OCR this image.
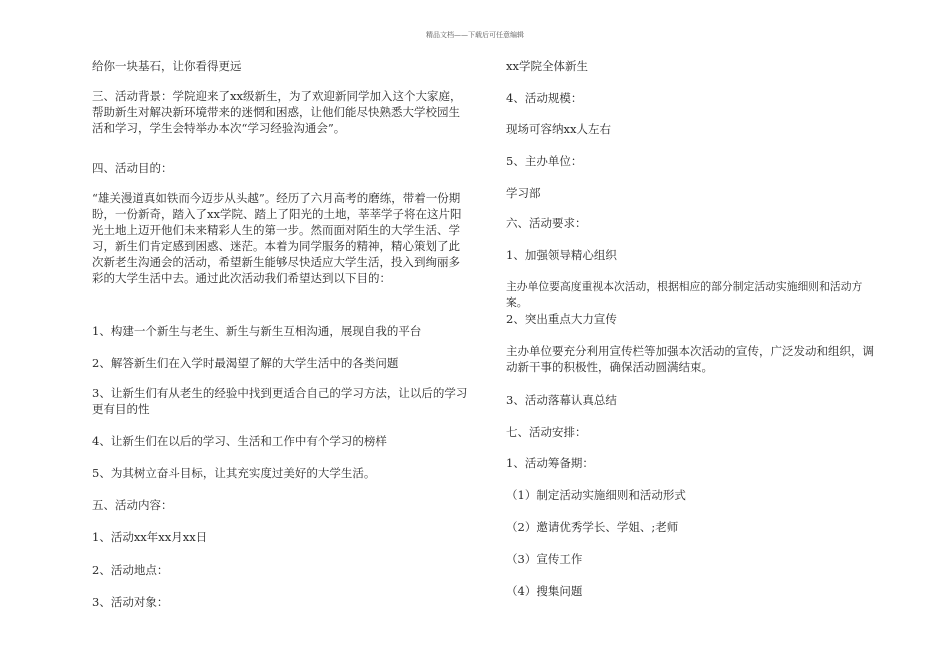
精品文档——下载后可任意编辑

给你一块基石，让你看得更远

三、活动背景：学院迎来了xx级新生，为了欢迎新同学加入这个大家庭，帮助新生对解决新环境带来的迷惘和困惑，让他们能尽快熟悉大学校园生活和学习，学生会特举办本次“学习经验沟通会”。

四、活动目的：

“雄关漫道真如铁而今迈步从头越”。经历了六月高考的磨练，带着一份期盼，一份新奇，踏入了xx学院、踏上了阳光的土地，莘莘学子将在这片阳光土地上迈开他们未来精彩人生的第一步。然而面对陌生的大学生活、学习，新生们肯定感到困惑、迷茫。本着为同学服务的精神，精心策划了此次新老生沟通会的活动，希望新生能够尽快适应大学生活，投入到绚丽多彩的大学生活中去。通过此次活动我们希望达到以下目的：

1、构建一个新生与老生、新生与新生互相沟通，展现自我的平台

2、解答新生们在入学时最渴望了解的大学生活中的各类问题

3、让新生们有从老生的经验中找到更适合自己的学习方法，让以后的学习更有目的性

4、让新生们在以后的学习、生活和工作中有个学习的榜样

5、为其树立奋斗目标，让其充实度过美好的大学生活。

五、活动内容：

1、活动xx年xx月xx日

2、活动地点：

3、活动对象：

xx学院全体新生

4、活动规模：

现场可容纳xx人左右

5、主办单位：

学习部

六、活动要求：

1、加强领导精心组织

主办单位要高度重视本次活动，根据相应的部分制定活动实施细则和活动方案。

2、突出重点大力宣传

主办单位要充分利用宣传栏等加强本次活动的宣传，广泛发动和组织，调动新干事的积极性，确保活动圆满结束。

3、活动落幕认真总结

七、活动安排：

1、活动筹备期：

（1）制定活动实施细则和活动形式

（2）邀请优秀学长、学姐、;老师

（3）宣传工作

（4）搜集问题
